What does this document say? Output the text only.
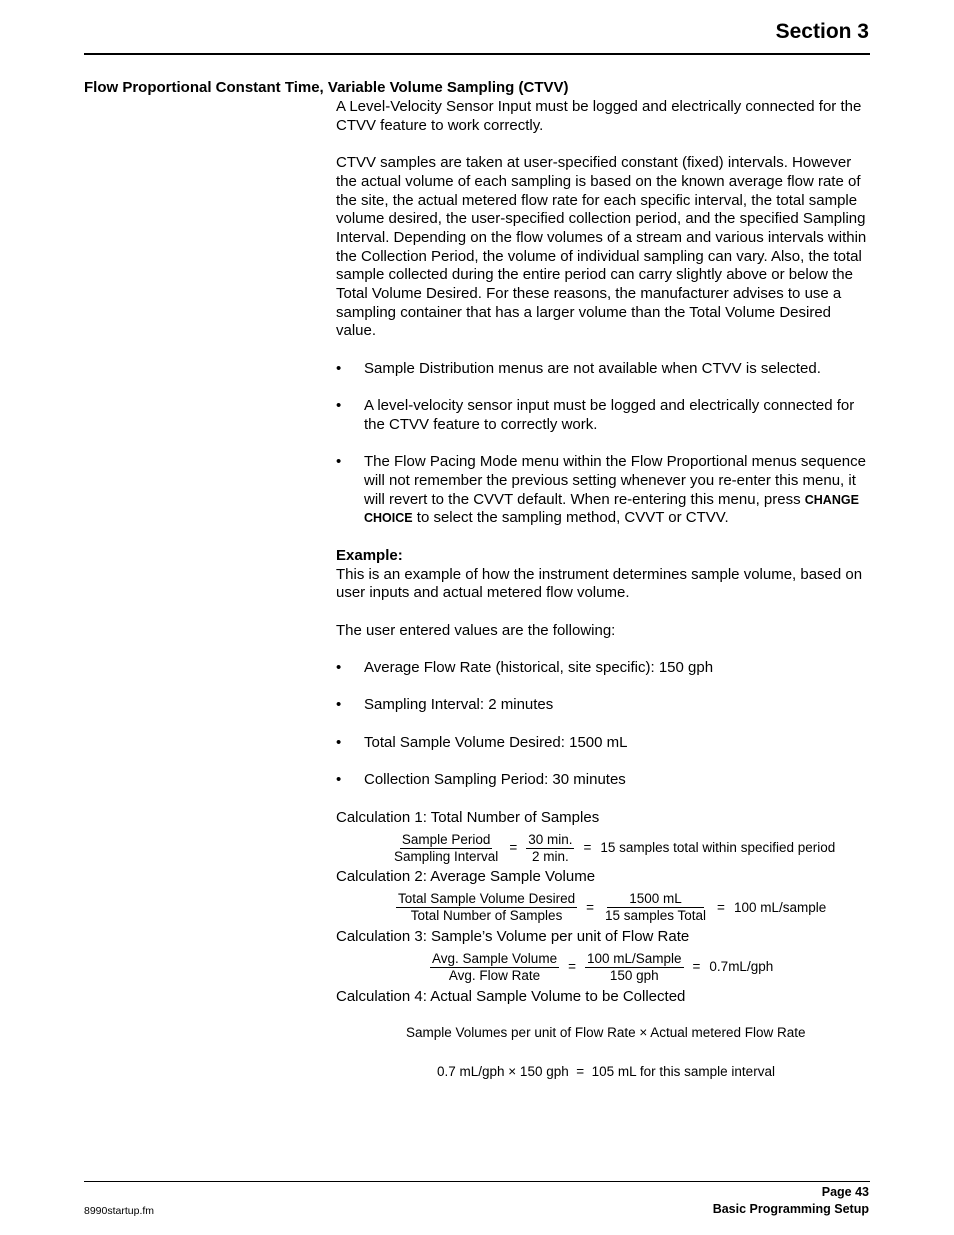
Section 3
Flow Proportional Constant Time, Variable Volume Sampling (CTVV)

A Level-Velocity Sensor Input must be logged and electrically connected for the CTVV feature to work correctly.

CTVV samples are taken at user-specified constant (fixed) intervals. However the actual volume of each sampling is based on the known average flow rate of the site, the actual metered flow rate for each specific interval, the total sample volume desired, the user-specified collection period, and the specified Sampling Interval. Depending on the flow volumes of a stream and various intervals within the Collection Period, the volume of individual sampling can vary. Also, the total sample collected during the entire period can carry slightly above or below the Total Volume Desired. For these reasons, the manufacturer advises to use a sampling container that has a larger volume than the Total Volume Desired value.

• Sample Distribution menus are not available when CTVV is selected.
• A level-velocity sensor input must be logged and electrically connected for the CTVV feature to correctly work.
• The Flow Pacing Mode menu within the Flow Proportional menus sequence will not remember the previous setting whenever you re-enter this menu, it will revert to the CVVT default. When re-entering this menu, press CHANGE CHOICE to select the sampling method, CVVT or CTVV.

Example:

This is an example of how the instrument determines sample volume, based on user inputs and actual metered flow volume.

The user entered values are the following:

• Average Flow Rate (historical, site specific): 150 gph
• Sampling Interval: 2 minutes
• Total Sample Volume Desired: 1500 mL
• Collection Sampling Period: 30 minutes

Calculation 1: Total Number of Samples

$\frac{\text{Sample Period}}{\text{Sampling Interval}} = \frac{30 \min.}{2 \min.} = 15$ samples total within specified period

Calculation 2: Average Sample Volume

$\frac{\text{Total Sample Volume Desired}}{\text{Total Number of Samples}} = \frac{1500 mL}{\text{15 samples Total}} = 100$ mL/sample

Calculation 3: Sample’s Volume per unit of Flow Rate

$\frac{\text{Avg. Sample Volume}}{\text{Avg. Flow Rate}} = \frac{\text{100 mL/Sample}}{\text{150 gph}} = 0.7mL/gph$

Calculation 4: Actual Sample Volume to be Collected

Sample Volumes per unit of Flow Rate × Actual metered Flow Rate
0.7 mL/gph × 150 gph  =  105 mL for this sample interval
Page 43
Basic Programming Setup
8990startup.fm
